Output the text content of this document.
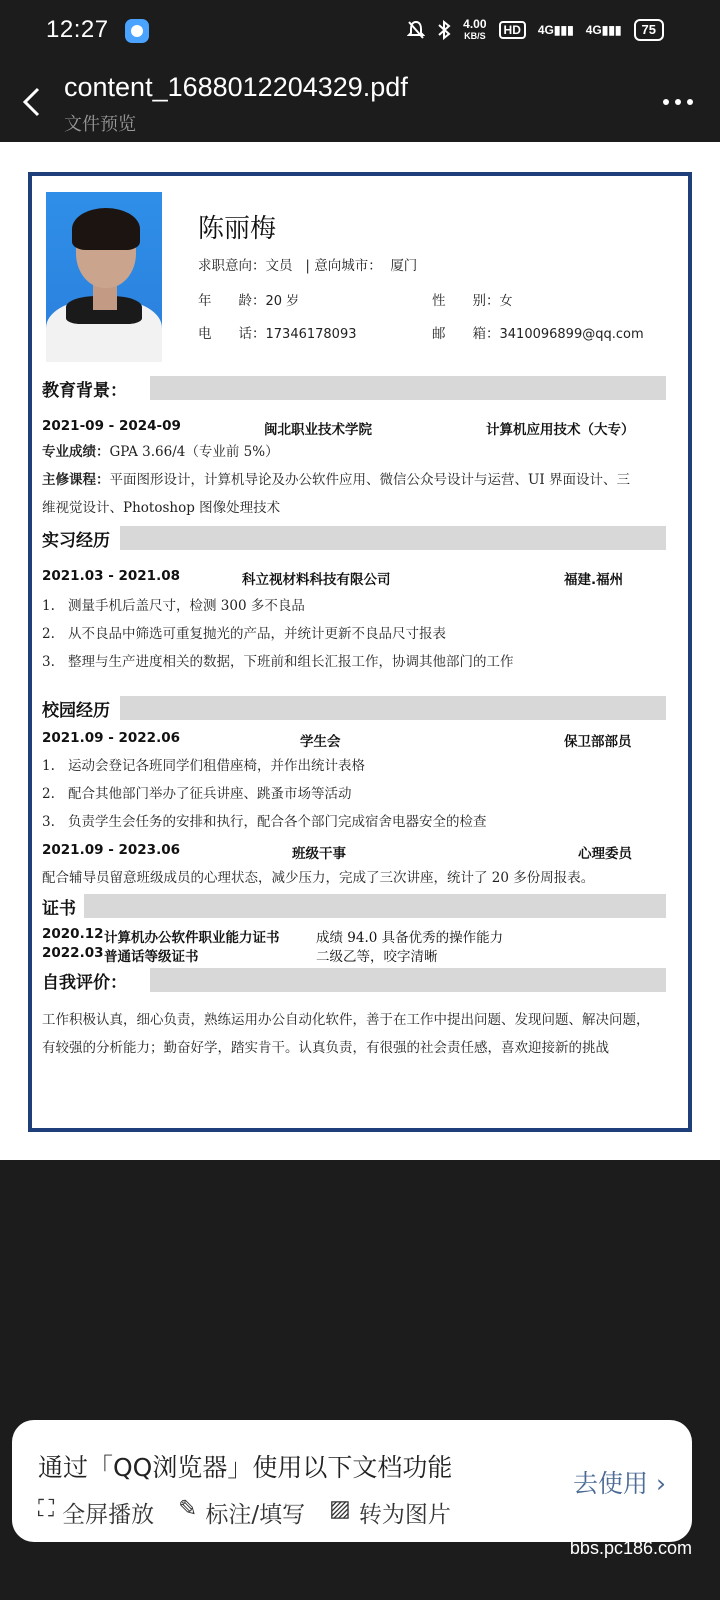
12:27	4.00
KB/S	HD	4G▮▮▮ 4G▮▮▮	75
content_1688012204329.pdf
文件预览
陈丽梅
求职意向：文员 | 意向城市： 厦门
年　　龄：20 岁	性　　别：女
电　　话：17346178093	邮　　箱：3410096899@qq.com
教育背景：
2021-09 - 2024-09	闽北职业技术学院	计算机应用技术（大专）
专业成绩：GPA 3.66/4（专业前 5%）
主修课程：平面图形设计，计算机导论及办公软件应用、微信公众号设计与运营、UI 界面设计、三
维视觉设计、Photoshop 图像处理技术
实习经历
2021.03 - 2021.08	科立视材料科技有限公司	福建.福州
1. 测量手机后盖尺寸，检测 300 多不良品
2. 从不良品中筛选可重复抛光的产品，并统计更新不良品尺寸报表
3. 整理与生产进度相关的数据，下班前和组长汇报工作，协调其他部门的工作
校园经历
2021.09 - 2022.06	学生会	保卫部部员
1. 运动会登记各班同学们租借座椅，并作出统计表格
2. 配合其他部门举办了征兵讲座、跳蚤市场等活动
3. 负责学生会任务的安排和执行，配合各个部门完成宿舍电器安全的检查
2021.09 - 2023.06	班级干事	心理委员
配合辅导员留意班级成员的心理状态，减少压力，完成了三次讲座，统计了 20 多份周报表。
证书
2020.12 计算机办公软件职业能力证书	成绩 94.0 具备优秀的操作能力
2022.03 普通话等级证书	二级乙等，咬字清晰
自我评价：
工作积极认真，细心负责，熟练运用办公自动化软件，善于在工作中提出问题、发现问题、解决问题，
有较强的分析能力；勤奋好学，踏实肯干。认真负责，有很强的社会责任感，喜欢迎接新的挑战
通过「QQ浏览器」使用以下文档功能
去使用 ›
⛶ 全屏播放 ✎ 标注/填写 ▨ 转为图片
bbs.pc186.com
